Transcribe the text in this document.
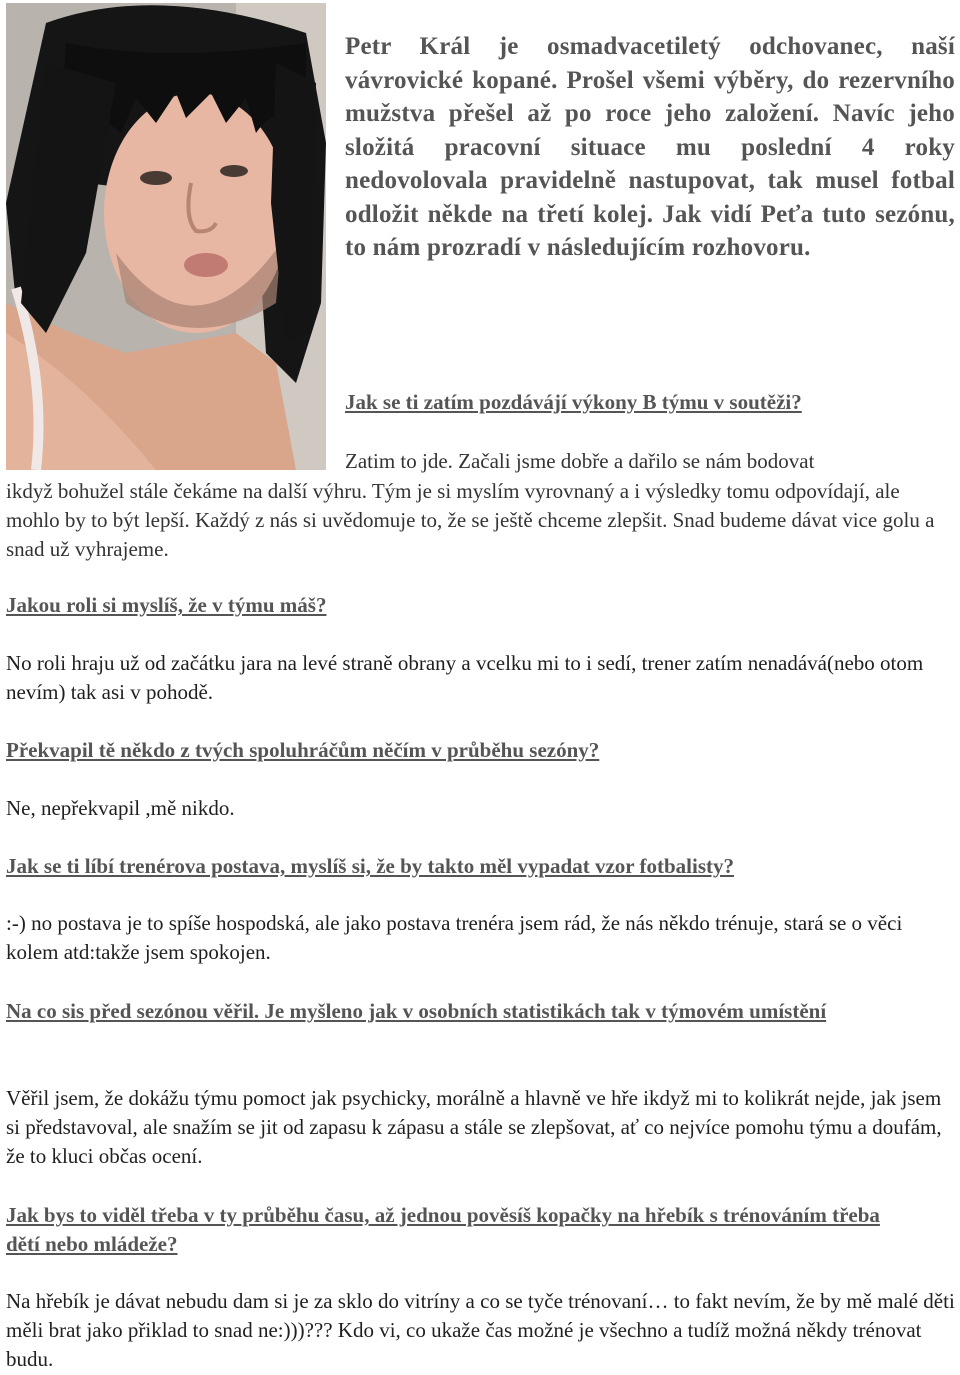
Petr Král je osmadvacetiletý odchovanec, naší vávrovické kopané. Prošel všemi výběry, do rezervního mužstva přešel až po roce jeho založení. Navíc jeho složitá pracovní situace mu poslední 4 roky nedovolovala pravidelně nastupovat, tak musel fotbal odložit někde na třetí kolej. Jak vidí Peťa tuto sezónu, to nám prozradí v následujícím rozhovoru.
Jak se ti zatím pozdávájí výkony B týmu v soutěži?
Zatim to jde. Začali jsme dobře a dařilo se nám bodovat
ikdyž bohužel stále čekáme na další výhru. Tým je si myslím vyrovnaný a i výsledky tomu odpovídají, ale mohlo by to být lepší. Každý z nás si uvědomuje to, že se ještě chceme zlepšit. Snad budeme dávat vice golu a snad už vyhrajeme.
Jakou roli si myslíš, že v týmu máš?
No roli hraju už od začátku jara na levé straně obrany a vcelku mi to i sedí, trener zatím nenadává(nebo otom nevím) tak asi v pohodě.
Překvapil tě někdo z tvých spoluhráčům něčím v průběhu sezóny?
Ne, nepřekvapil ,mě nikdo.
Jak se ti líbí trenérova postava, myslíš si, že by takto měl vypadat vzor fotbalisty?
:-) no postava je to spíše hospodská, ale jako postava trenéra jsem rád, že nás někdo trénuje, stará se o věci kolem atd:takže jsem spokojen.
Na co sis před sezónou věřil. Je myšleno jak v osobních statistikách tak v týmovém umístění
Věřil jsem, že dokážu týmu pomoct jak psychicky, morálně a hlavně ve hře ikdyž mi to kolikrát nejde, jak jsem si představoval, ale snažím se jit od zapasu k zápasu a stále se zlepšovat, ať co nejvíce pomohu týmu a doufám, že to kluci občas ocení.
Jak bys to viděl třeba v ty průběhu času, až jednou pověsíš kopačky na hřebík s trénováním třeba dětí nebo mládeže?
Na hřebík je dávat nebudu dam si je za sklo do vitríny a co se tyče trénovaní… to fakt nevím, že by mě malé děti měli brat jako přiklad to snad ne:)))??? Kdo vi, co ukaže čas možné je všechno a tudíž možná někdy trénovat budu.
